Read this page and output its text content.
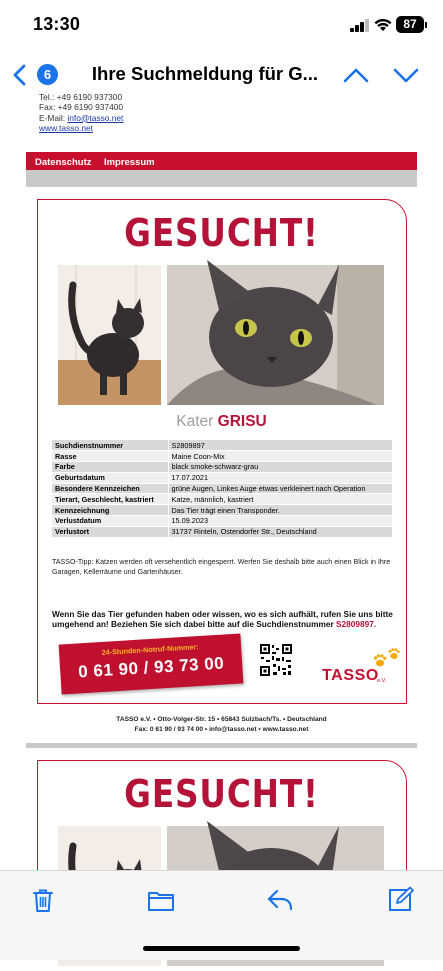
13:30	87
6	Ihre Suchmeldung für G...
Tel.: +49 6190 937300
Fax: +49 6190 937400
E-Mail: info@tasso.net
www.tasso.net
Datenschutz Impressum
GESUCHT!
Kater GRISU
Suchdienstnummer	S2809897
Rasse	Maine Coon-Mix
Farbe	black smoke-schwarz-grau
Geburtsdatum	17.07.2021
Besondere Kennzeichen	grüne Augen, Linkes Auge etwas verkleinert nach Operation
Tierart, Geschlecht, kastriert	Katze, männlich, kastriert
Kennzeichnung	Das Tier trägt einen Transponder.
Verlustdatum	15.09.2023
Verlustort	31737 Rinteln, Ostendorfer Str., Deutschland
TASSO-Tipp: Katzen werden oft versehentlich eingesperrt. Werfen Sie deshalb bitte auch einen Blick in Ihre Garagen, Kellerräume und Gartenhäuser.
Wenn Sie das Tier gefunden haben oder wissen, wo es sich aufhält, rufen Sie uns bitte umgehend an! Beziehen Sie sich dabei bitte auf die Suchdienstnummer S2809897.
24-Stunden-Notruf-Nummer:
0 61 90 / 93 73 00	TASSO
e.V.
TASSO e.V. • Otto-Volger-Str. 15 • 65843 Sulzbach/Ts. • Deutschland
Fax: 0 61 90 / 93 74 00 • info@tasso.net • www.tasso.net
GESUCHT!
